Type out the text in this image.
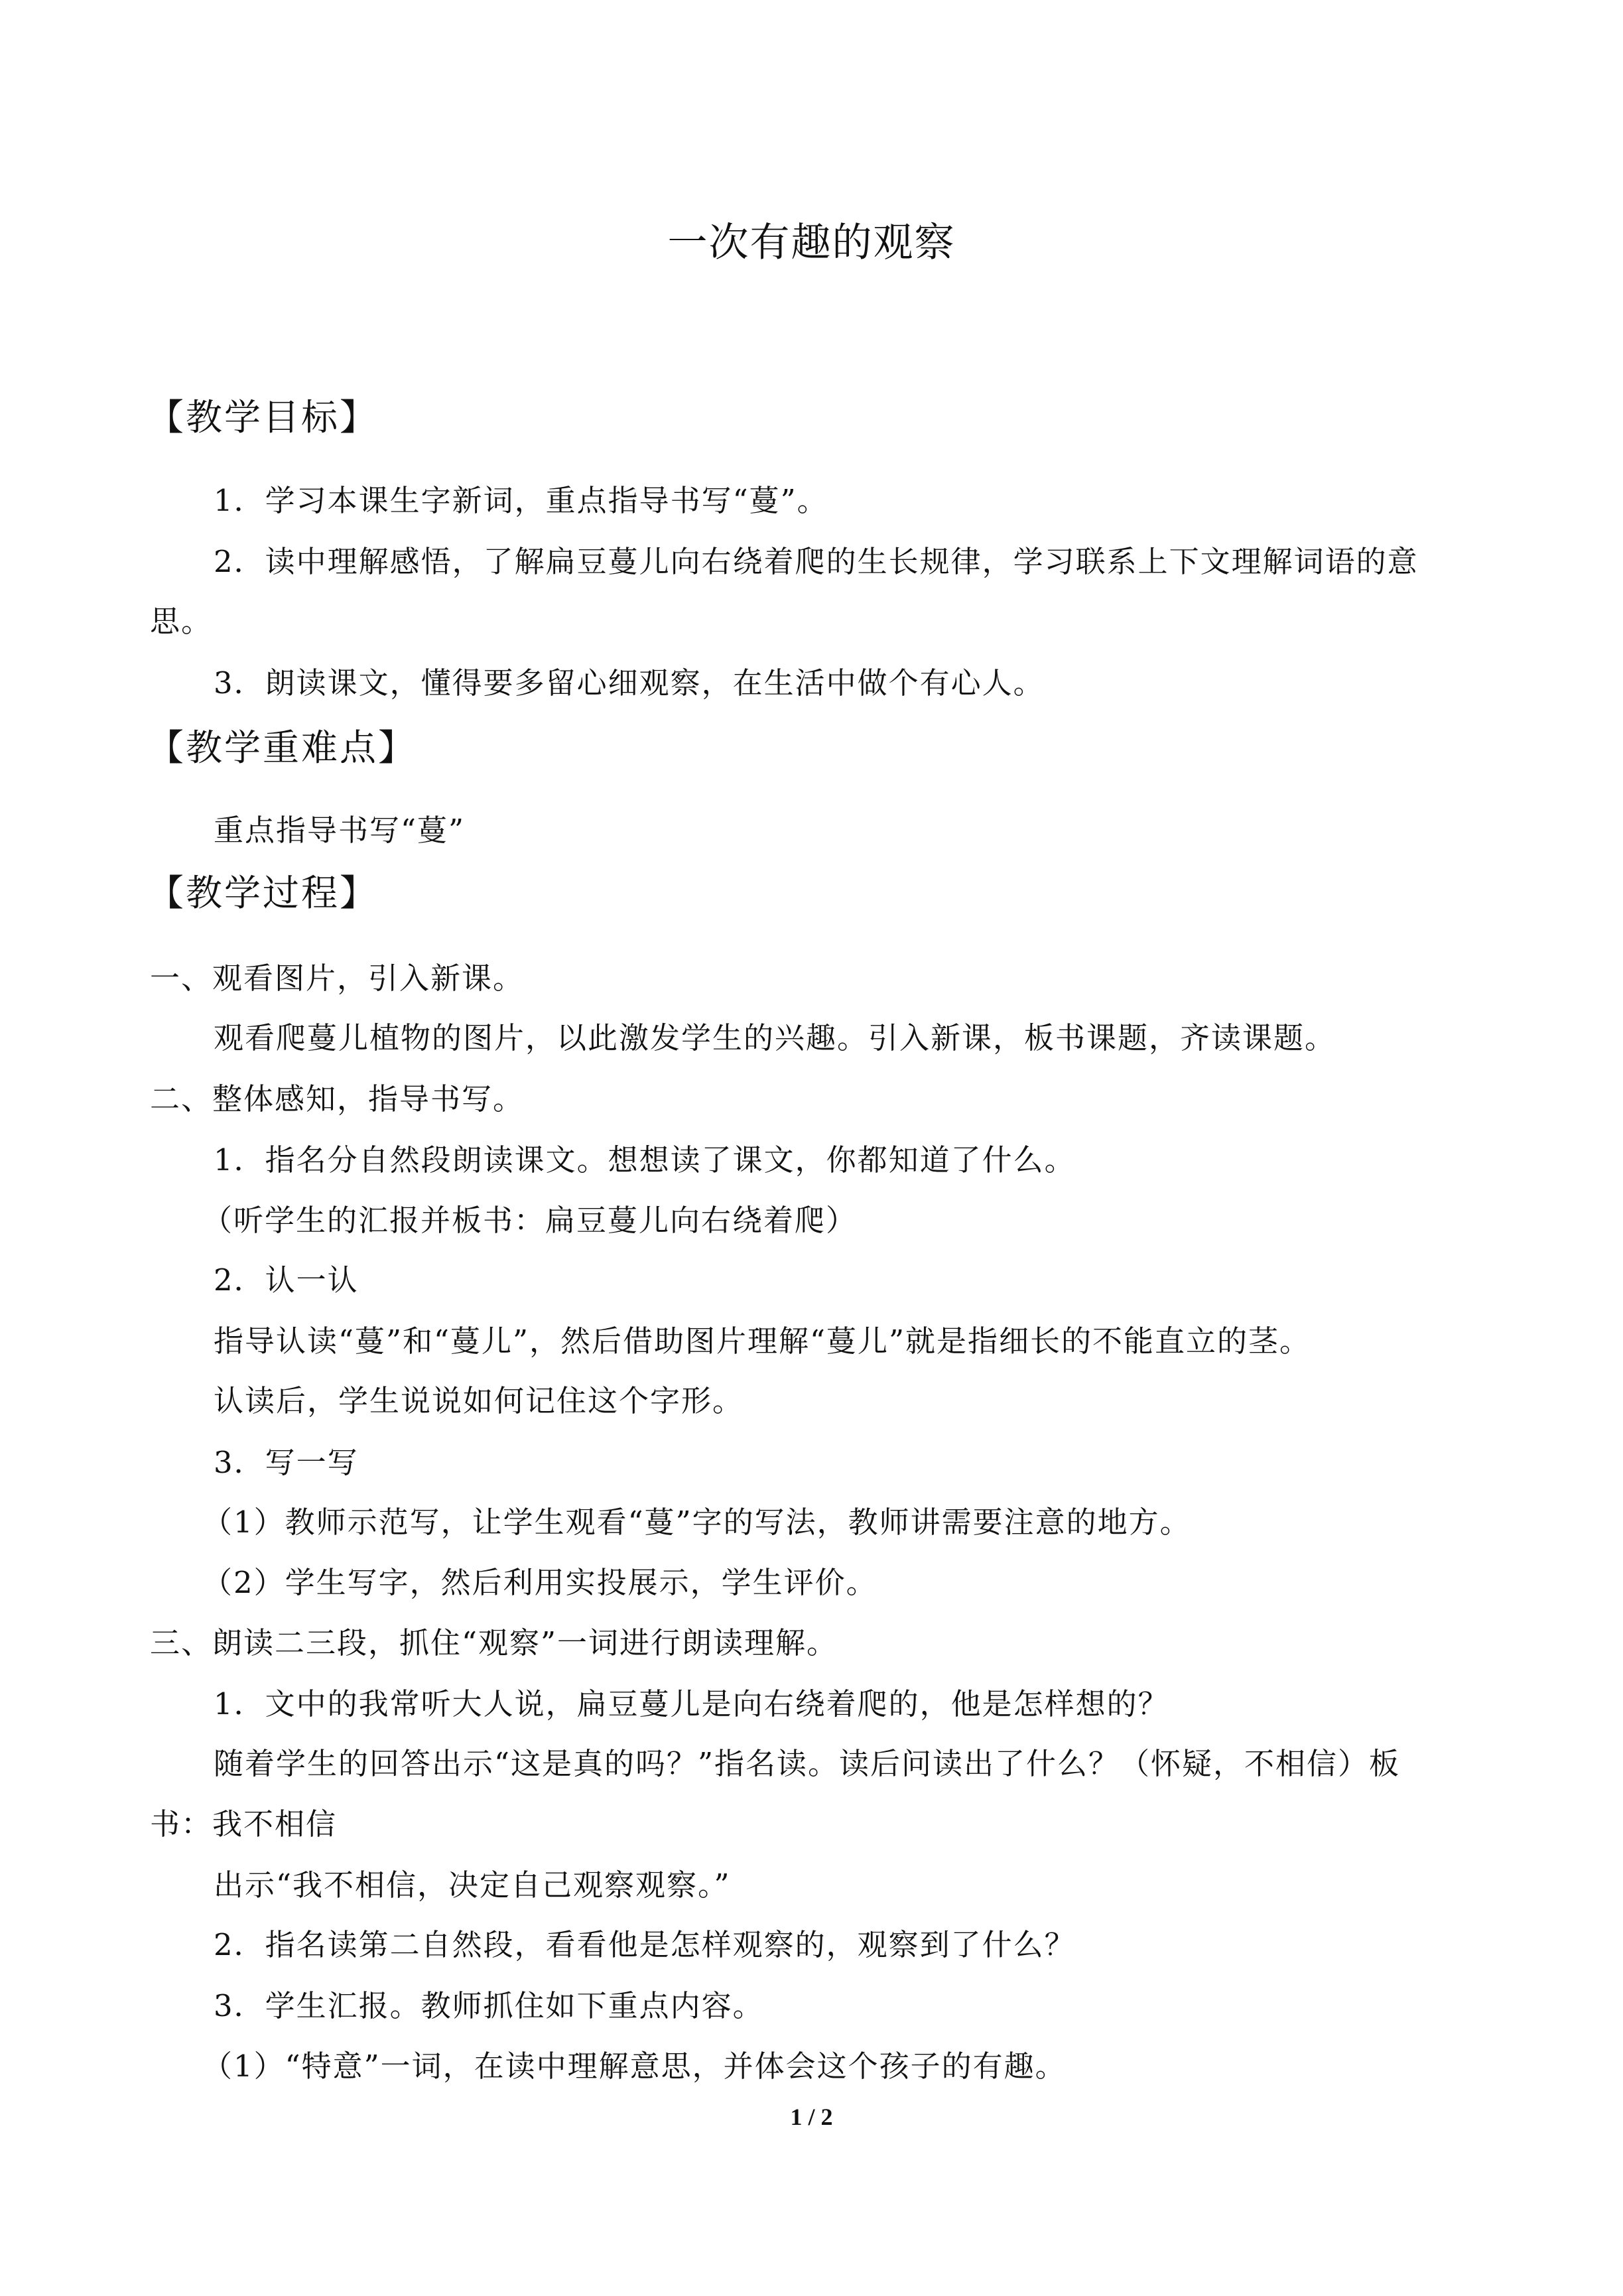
一次有趣的观察
【教学目标】
1．学习本课生字新词，重点指导书写“蔓”。
2．读中理解感悟，了解扁豆蔓儿向右绕着爬的生长规律，学习联系上下文理解词语的意
思。
3．朗读课文，懂得要多留心细观察，在生活中做个有心人。
【教学重难点】
重点指导书写“蔓”
【教学过程】
一、观看图片，引入新课。
观看爬蔓儿植物的图片，以此激发学生的兴趣。引入新课，板书课题，齐读课题。
二、整体感知，指导书写。
1．指名分自然段朗读课文。想想读了课文，你都知道了什么。
（听学生的汇报并板书：扁豆蔓儿向右绕着爬）
2．认一认
指导认读“蔓”和“蔓儿”，然后借助图片理解“蔓儿”就是指细长的不能直立的茎。
认读后，学生说说如何记住这个字形。
3．写一写
（1）教师示范写，让学生观看“蔓”字的写法，教师讲需要注意的地方。
（2）学生写字，然后利用实投展示，学生评价。
三、朗读二三段，抓住“观察”一词进行朗读理解。
1．文中的我常听大人说，扁豆蔓儿是向右绕着爬的，他是怎样想的？
随着学生的回答出示“这是真的吗？”指名读。读后问读出了什么？（怀疑，不相信）板
书：我不相信
出示“我不相信，决定自己观察观察。”
2．指名读第二自然段，看看他是怎样观察的，观察到了什么？
3．学生汇报。教师抓住如下重点内容。
（1）“特意”一词，在读中理解意思，并体会这个孩子的有趣。
1 / 2
